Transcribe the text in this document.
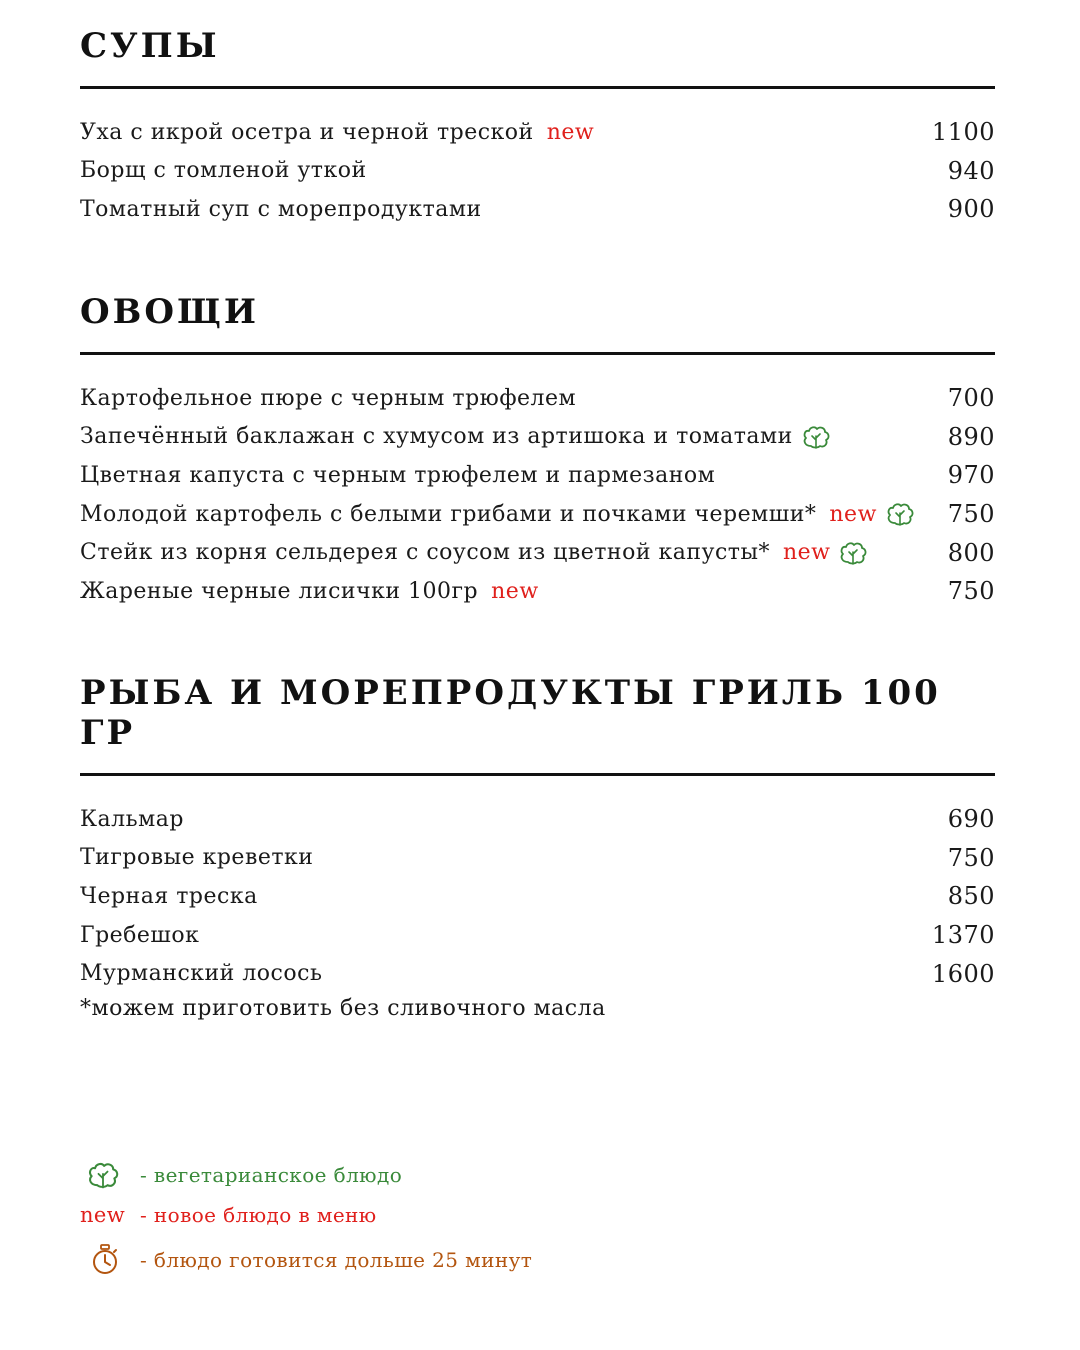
СУПЫ
Уха с икрой осетра и черной треской new	1100
Борщ с томленой уткой	940
Томатный суп с морепродуктами	900
ОВОЩИ
Картофельное пюре с черным трюфелем	700
Запечённый баклажан с хумусом из артишока и томатами	890
Цветная капуста с черным трюфелем и пармезаном	970
Молодой картофель с белыми грибами и почками черемши* new	750
Стейк из корня сельдерея с соусом из цветной капусты* new	800
Жареные черные лисички 100гр new	750
РЫБА И МОРЕПРОДУКТЫ ГРИЛЬ 100 ГР
Кальмар	690
Тигровые креветки	750
Черная треска	850
Гребешок	1370
Мурманский лосось	1600
*можем приготовить без сливочного масла
- вегетарианское блюдо
new - новое блюдо в меню
- блюдо готовится дольше 25 минут
